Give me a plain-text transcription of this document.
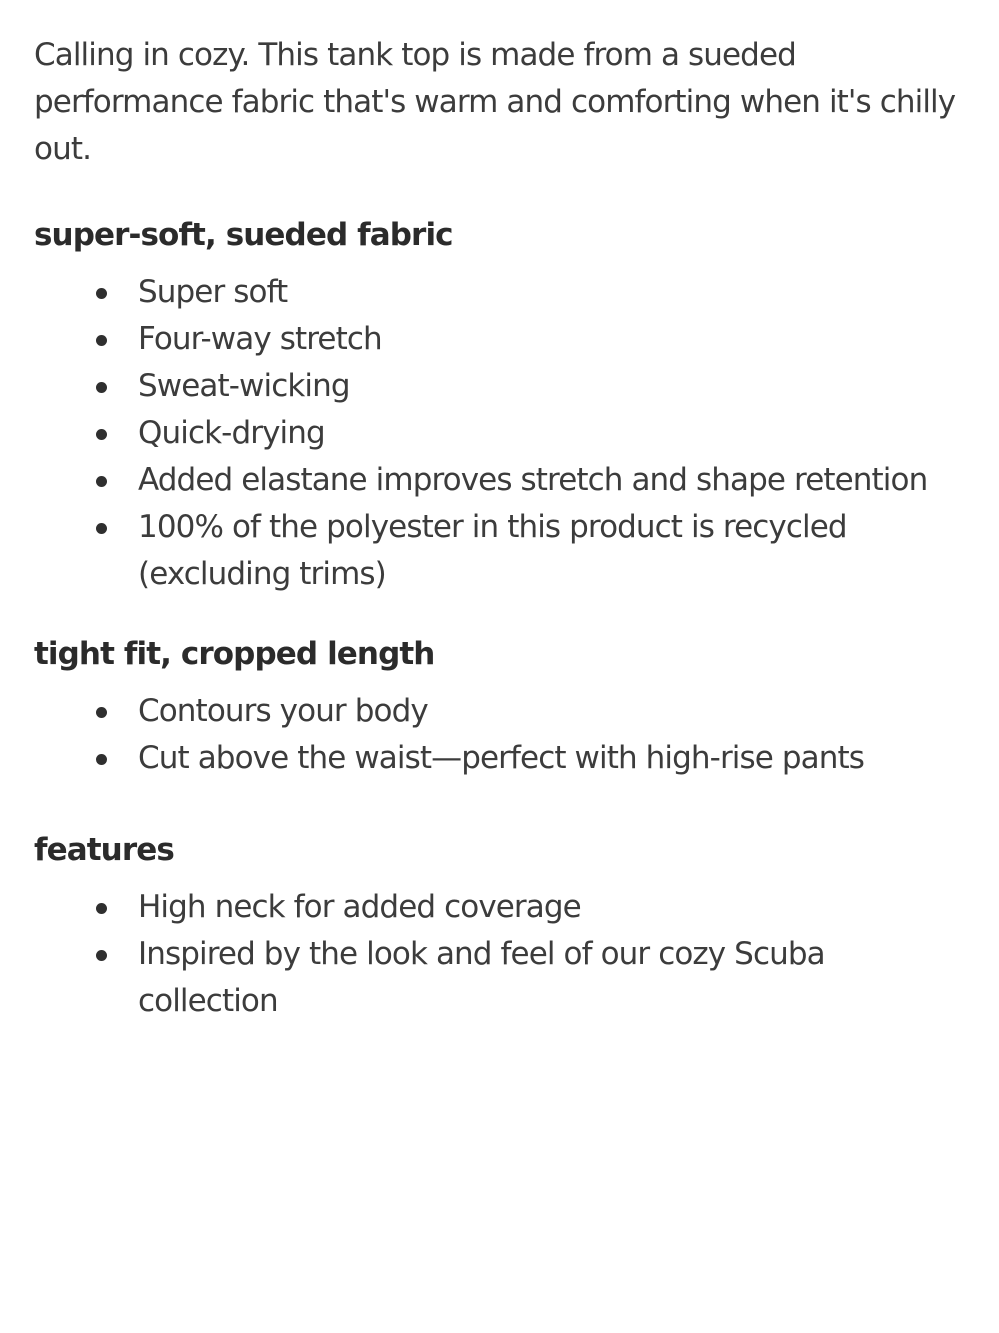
Calling in cozy. This tank top is made from a sueded performance fabric that's warm and comforting when it's chilly out.

super-soft, sueded fabric
Super soft
Four-way stretch
Sweat-wicking
Quick-drying
Added elastane improves stretch and shape retention
100% of the polyester in this product is recycled (excluding trims)
tight fit, cropped length
Contours your body
Cut above the waist—perfect with high-rise pants
features
High neck for added coverage
Inspired by the look and feel of our cozy Scuba collection
